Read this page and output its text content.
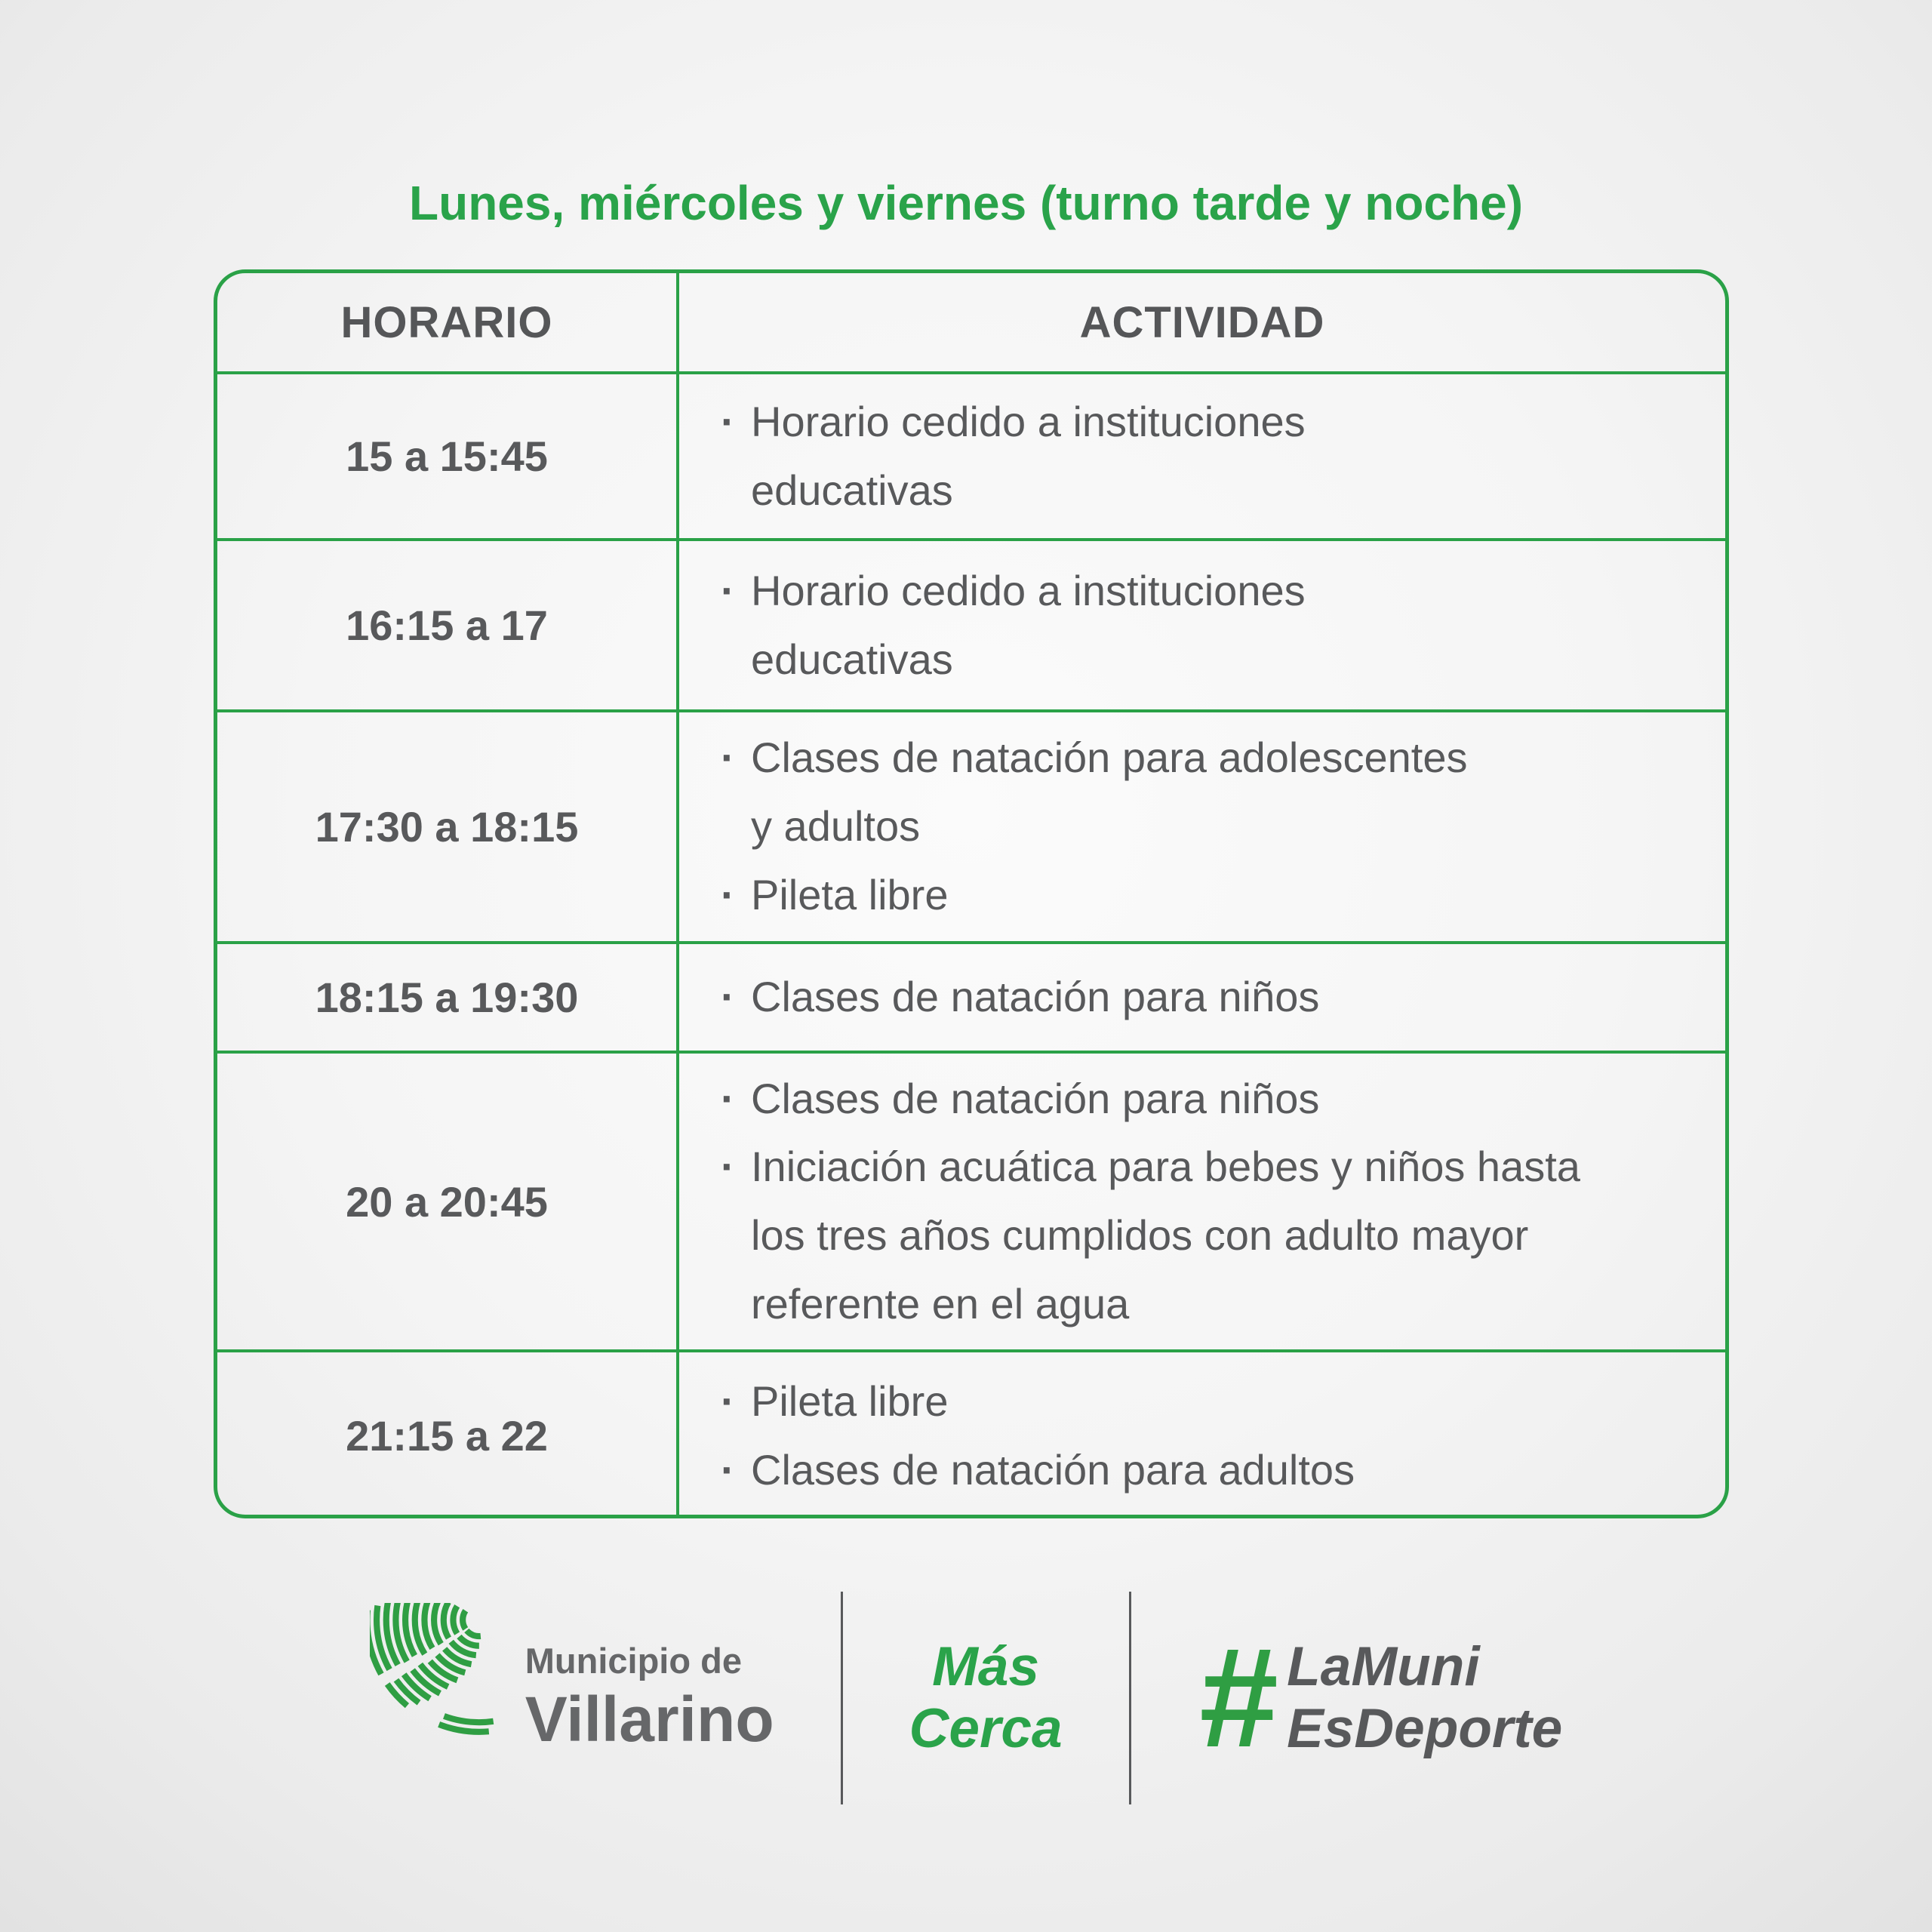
Lunes, miércoles y viernes (turno tarde y noche)
HORARIO	ACTIVIDAD
15 a 15:45
· Horario cedido a instituciones educativas
16:15 a 17
· Horario cedido a instituciones educativas
17:30 a 18:15
· Clases de natación para adolescentes y adultos
· Pileta libre
18:15 a 19:30	· Clases de natación para niños
20 a 20:45
· Clases de natación para niños
· Iniciación acuática para bebes y niños hasta los tres años cumplidos con adulto mayor referente en el agua
21:15 a 22
· Pileta libre
· Clases de natación para adultos
Municipio de
Villarino
Más
Cerca # LaMuni
EsDeporte
